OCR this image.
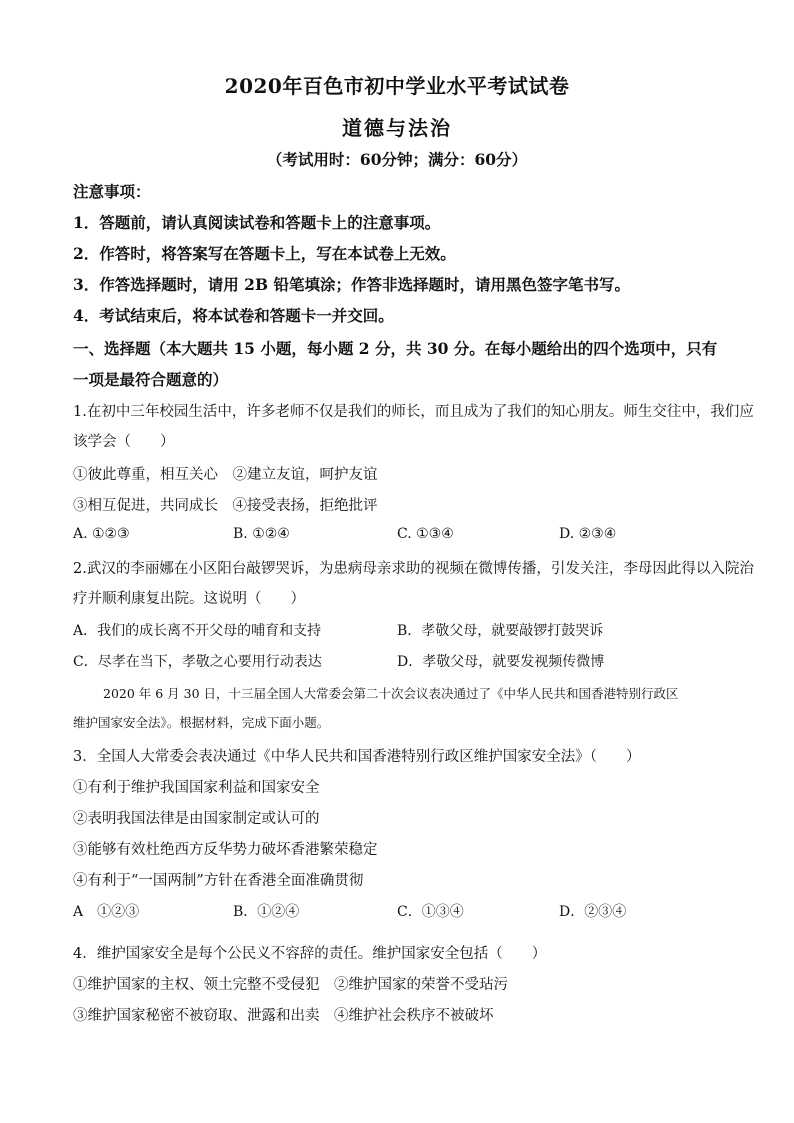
2020年百色市初中学业水平考试试卷
道德与法治
（考试用时：60分钟；满分：60分）
注意事项：
1．答题前，请认真阅读试卷和答题卡上的注意事项。
2．作答时，将答案写在答题卡上，写在本试卷上无效。
3．作答选择题时，请用 2B 铅笔填涂；作答非选择题时，请用黑色签字笔书写。
4．考试结束后，将本试卷和答题卡一并交回。
一、选择题（本大题共 15 小题，每小题 2 分，共 30 分。在每小题给出的四个选项中，只有
一项是最符合题意的）
1.在初中三年校园生活中，许多老师不仅是我们的师长，而且成为了我们的知心朋友。师生交往中，我们应
该学会（　　）
①彼此尊重，相互关心　②建立友谊，呵护友谊
③相互促进，共同成长　④接受表扬，拒绝批评
A. ①②③	B. ①②④	C. ①③④	D. ②③④
2.武汉的李丽娜在小区阳台敲锣哭诉，为患病母亲求助的视频在微博传播，引发关注，李母因此得以入院治
疗并顺利康复出院。这说明（　　）
A．我们的成长离不开父母的哺育和支持	B．孝敬父母，就要敲锣打鼓哭诉
C．尽孝在当下，孝敬之心要用行动表达	D．孝敬父母，就要发视频传微博
2020 年 6 月 30 日，十三届全国人大常委会第二十次会议表决通过了《中华人民共和国香港特别行政区
维护国家安全法》。根据材料，完成下面小题。
3．全国人大常委会表决通过《中华人民共和国香港特别行政区维护国家安全法》（　　）
①有利于维护我国国家利益和国家安全
②表明我国法律是由国家制定或认可的
③能够有效杜绝西方反华势力破坏香港繁荣稳定
④有利于“一国两制”方针在香港全面准确贯彻
A　①②③	B．①②④	C．①③④	D．②③④
4．维护国家安全是每个公民义不容辞的责任。维护国家安全包括（　　）
①维护国家的主权、领土完整不受侵犯　②维护国家的荣誉不受玷污
③维护国家秘密不被窃取、泄露和出卖　④维护社会秩序不被破坏
